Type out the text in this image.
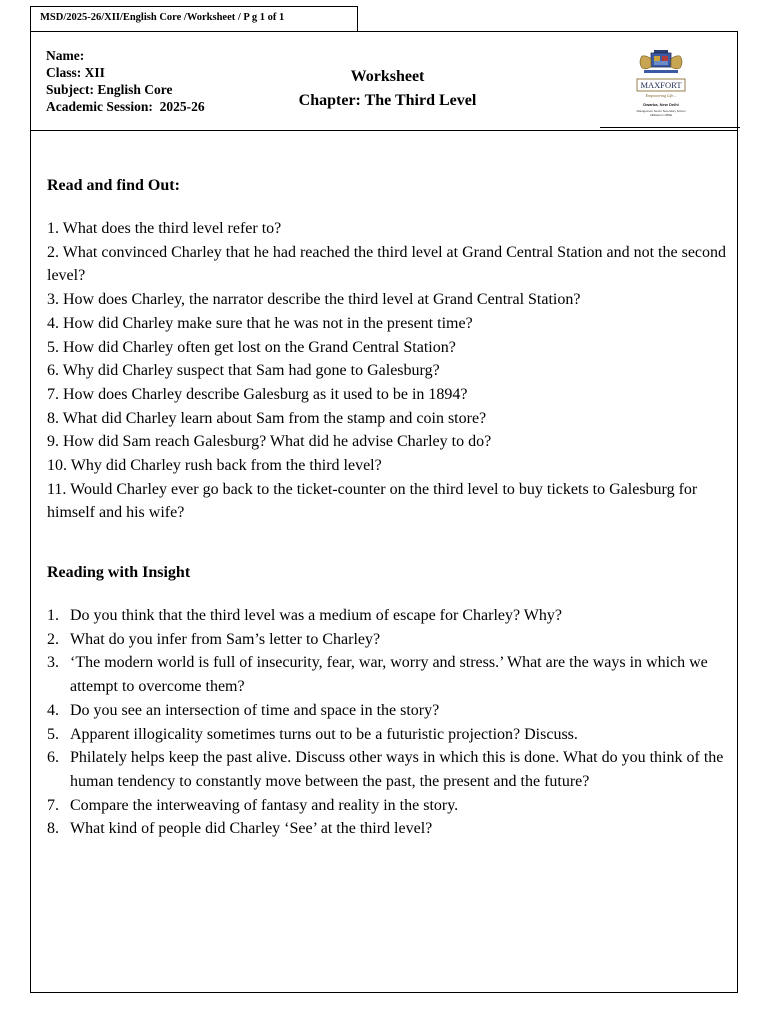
MSD/2025-26/XII/English Core /Worksheet / P g 1 of 1
Name:
Class: XII
Subject: English Core
Academic Session:  2025-26
Worksheet
Chapter: The Third Level
MAXFORT
Empowering Life...
Dwarka, New Delhi
Management Senior Secondary School
Affiliated to CBSE
Read and find Out:
1. What does the third level refer to?
2. What convinced Charley that he had reached the third level at Grand Central Station and not the second level?
3. How does Charley, the narrator describe the third level at Grand Central Station?
4. How did Charley make sure that he was not in the present time?
5. How did Charley often get lost on the Grand Central Station?
6. Why did Charley suspect that Sam had gone to Galesburg?
7. How does Charley describe Galesburg as it used to be in 1894?
8. What did Charley learn about Sam from the stamp and coin store?
9. How did Sam reach Galesburg? What did he advise Charley to do?
10. Why did Charley rush back from the third level?
11. Would Charley ever go back to the ticket-counter on the third level to buy tickets to Galesburg for himself and his wife?
Reading with Insight
1. Do you think that the third level was a medium of escape for Charley? Why?
2. What do you infer from Sam’s letter to Charley?
3. ‘The modern world is full of insecurity, fear, war, worry and stress.’ What are the ways in which we attempt to overcome them?
4. Do you see an intersection of time and space in the story?
5. Apparent illogicality sometimes turns out to be a futuristic projection? Discuss.
6. Philately helps keep the past alive. Discuss other ways in which this is done. What do you think of the human tendency to constantly move between the past, the present and the future?
7. Compare the interweaving of fantasy and reality in the story.
8. What kind of people did Charley ‘See’ at the third level?
